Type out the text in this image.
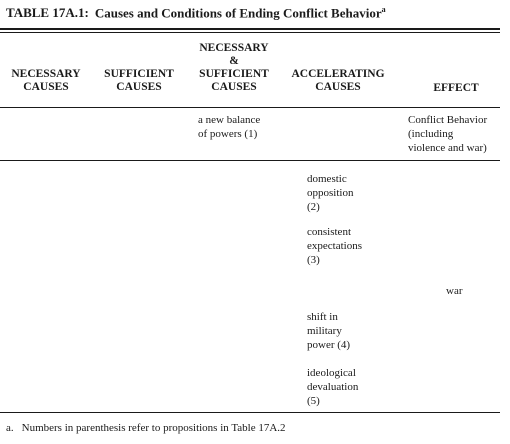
TABLE 17A.1: Causes and Conditions of Ending Conflict Behavior$^a$
NECESSARY
CAUSES
SUFFICIENT
CAUSES
NECESSARY
&
SUFFICIENT
CAUSES
ACCELERATING
CAUSES	EFFECT
a new balance
of powers (1)
Conflict Behavior
(including
violence and war)
domestic
opposition
(2)
consistent
expectations
(3)
shift in
military
power (4)
ideological
devaluation
(5)
war
a. Numbers in parenthesis refer to propositions in Table 17A.2
